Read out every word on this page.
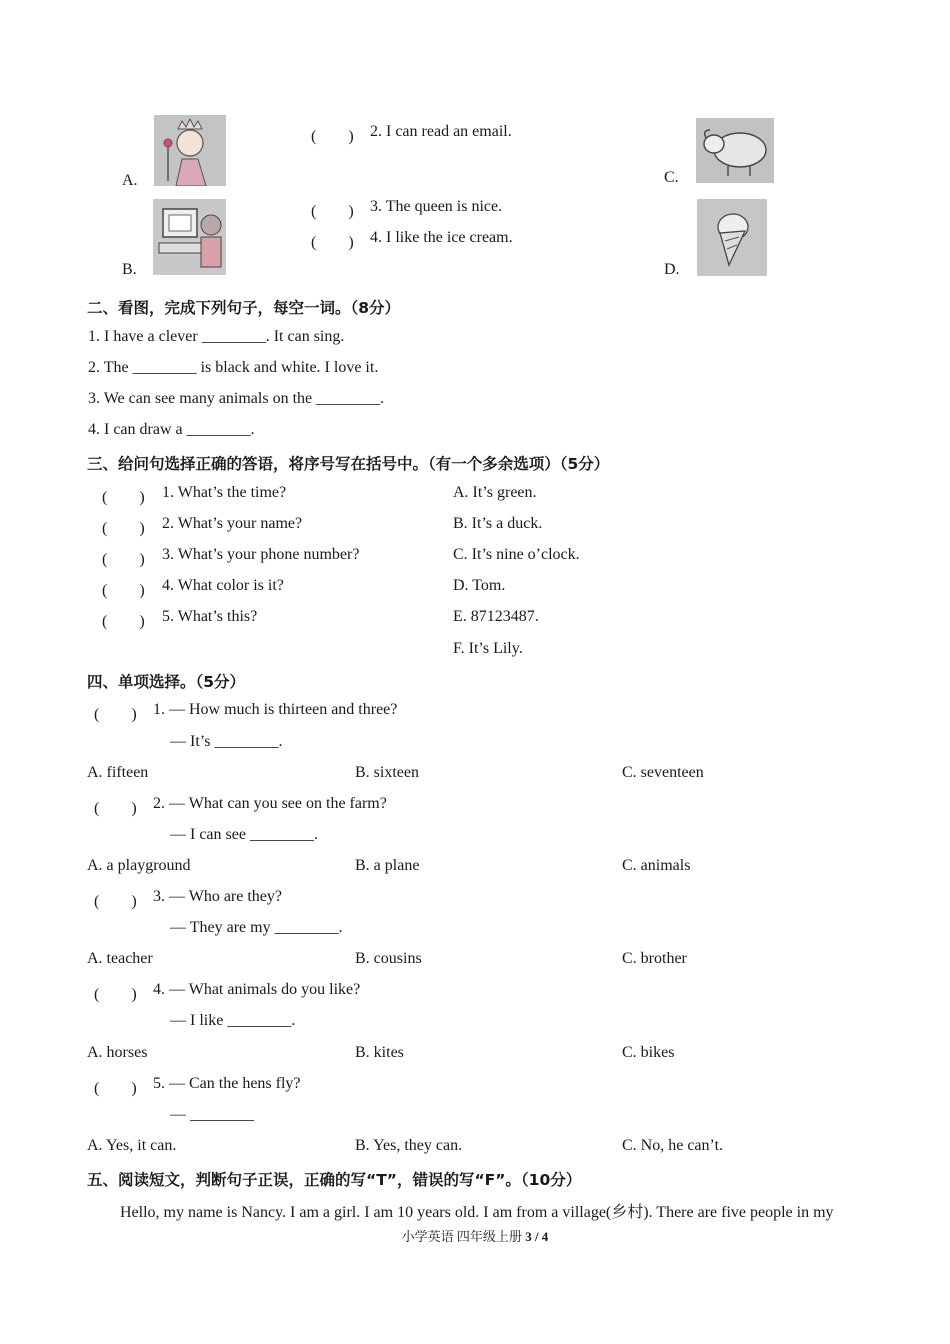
A.
B.
C.
D.
(　　) 2. I can read an email.
(　　) 3. The queen is nice.
(　　) 4. I like the ice cream.
二、看图，完成下列句子，每空一词。（8分）
1. I have a clever ________. It can sing.
2. The ________ is black and white. I love it.
3. We can see many animals on the ________.
4. I can draw a ________.
三、给问句选择正确的答语，将序号写在括号中。（有一个多余选项）（5分）
(　　) 1. What’s the time?
(　　) 2. What’s your name?
(　　) 3. What’s your phone number?
(　　) 4. What color is it?
(　　) 5. What’s this?
A. It’s green.
B. It’s a duck.
C. It’s nine o’clock.
D. Tom.
E. 87123487.
F. It’s Lily.
四、单项选择。（5分）
(　　) 1. — How much is thirteen and three?
— It’s ________.
A. fifteen	B. sixteen	C. seventeen
(　　) 2. — What can you see on the farm?
— I can see ________.
A. a playground	B. a plane	C. animals
(　　) 3. — Who are they?
— They are my ________.
A. teacher	B. cousins	C. brother
(　　) 4. — What animals do you like?
— I like ________.
A. horses	B. kites	C. bikes
(　　) 5. — Can the hens fly?
— ________
A. Yes, it can.	B. Yes, they can.	C. No, he can’t.
五、阅读短文，判断句子正误，正确的写“T”，错误的写“F”。（10分）
Hello, my name is Nancy. I am a girl. I am 10 years old. I am from a village(乡村). There are five people in my
小学英语 四年级上册 3 / 4
